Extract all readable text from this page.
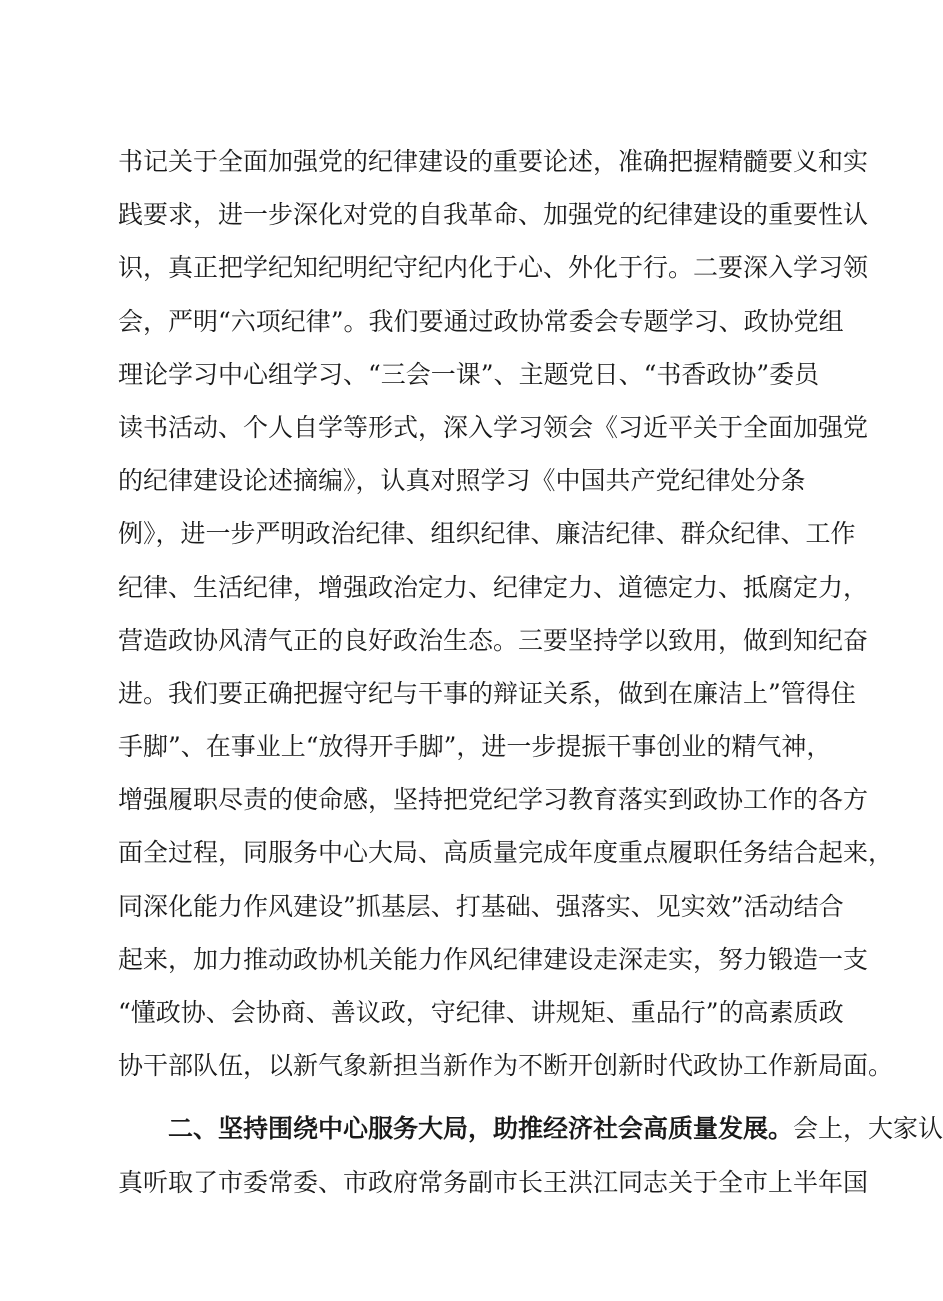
书记关于全面加强党的纪律建设的重要论述，准确把握精髓要义和实
践要求，进一步深化对党的自我革命、加强党的纪律建设的重要性认
识，真正把学纪知纪明纪守纪内化于心、外化于行。二要深入学习领
会，严明“六项纪律”。我们要通过政协常委会专题学习、政协党组
理论学习中心组学习、“三会一课”、主题党日、“书香政协”委员
读书活动、个人自学等形式，深入学习领会《习近平关于全面加强党
的纪律建设论述摘编》，认真对照学习《中国共产党纪律处分条
例》，进一步严明政治纪律、组织纪律、廉洁纪律、群众纪律、工作
纪律、生活纪律，增强政治定力、纪律定力、道德定力、抵腐定力，
营造政协风清气正的良好政治生态。三要坚持学以致用，做到知纪奋
进。我们要正确把握守纪与干事的辩证关系，做到在廉洁上”管得住
手脚”、在事业上“放得开手脚”，进一步提振干事创业的精气神，
增强履职尽责的使命感，坚持把党纪学习教育落实到政协工作的各方
面全过程，同服务中心大局、高质量完成年度重点履职任务结合起来，
同深化能力作风建设”抓基层、打基础、强落实、见实效”活动结合
起来，加力推动政协机关能力作风纪律建设走深走实，努力锻造一支
“懂政协、会协商、善议政，守纪律、讲规矩、重品行”的高素质政
协干部队伍，以新气象新担当新作为不断开创新时代政协工作新局面。
二、坚持围绕中心服务大局，助推经济社会高质量发展。会上，大家认
真听取了市委常委、市政府常务副市长王洪江同志关于全市上半年国
